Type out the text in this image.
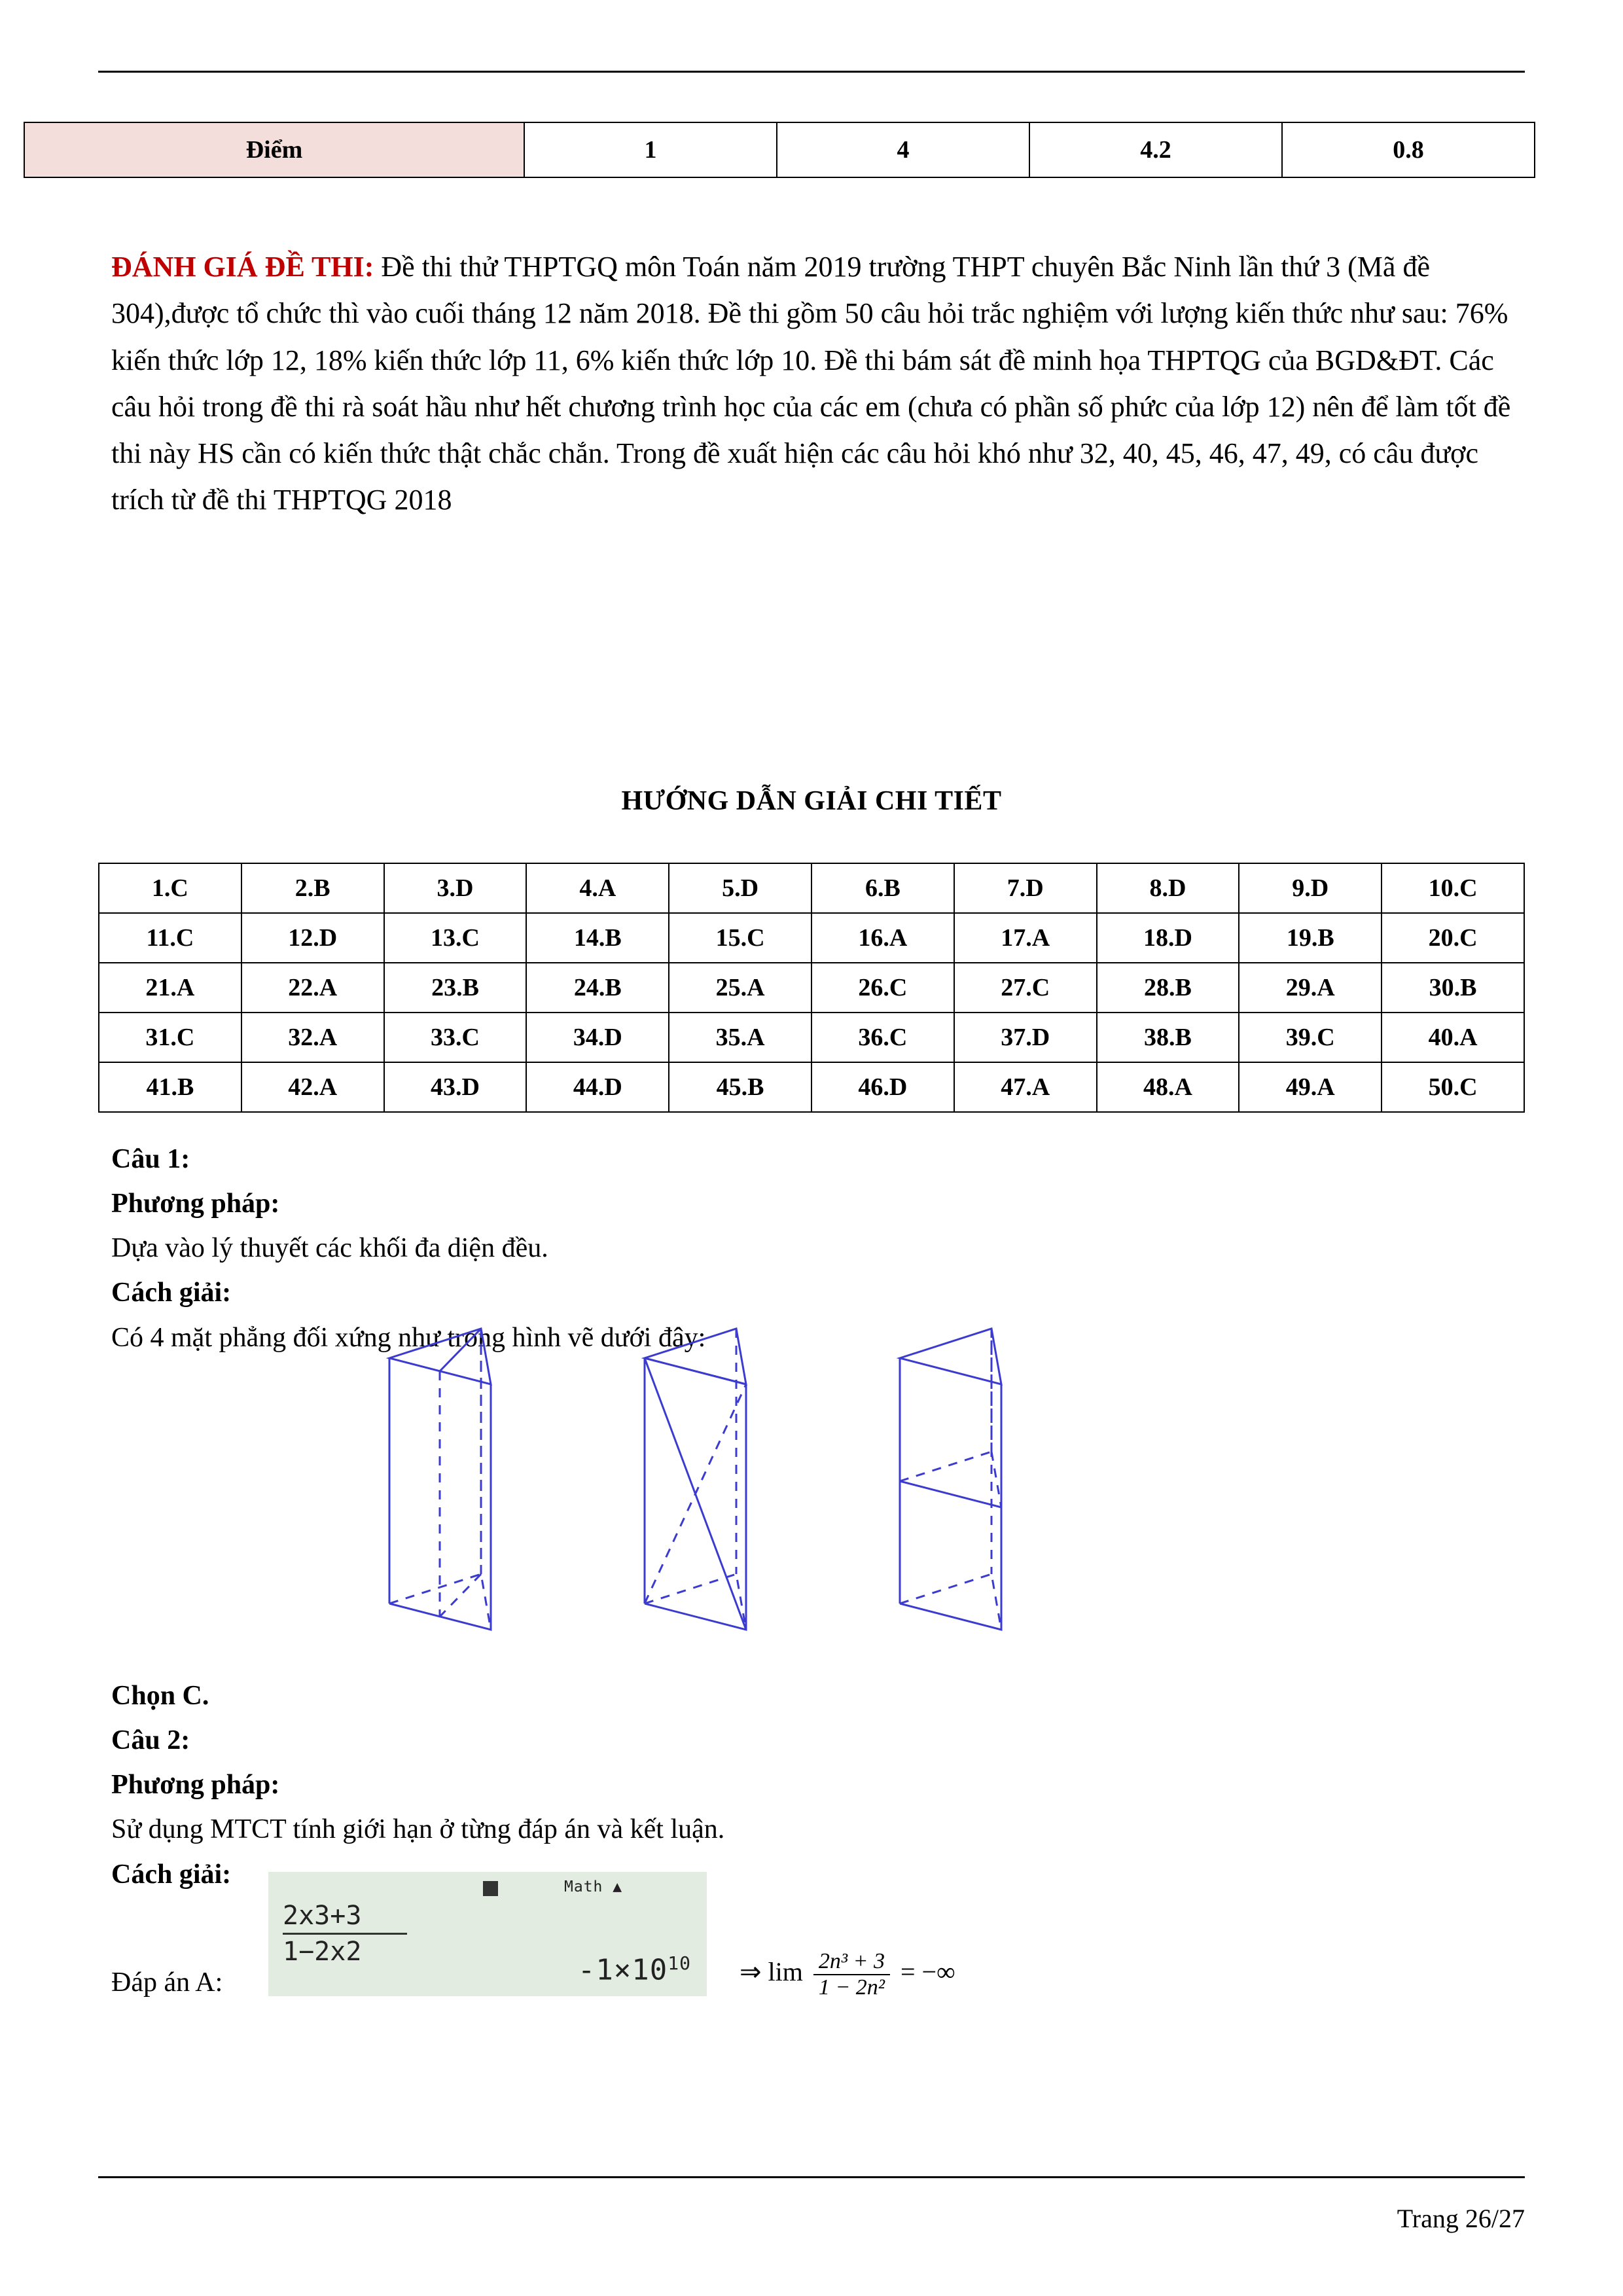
Điểm	1	4	4.2	0.8
ĐÁNH GIÁ ĐỀ THI: Đề thi thử THPTGQ môn Toán năm 2019 trường THPT chuyên Bắc Ninh lần thứ 3 (Mã đề 304),được tổ chức thì vào cuối tháng 12 năm 2018. Đề thi gồm 50 câu hỏi trắc nghiệm với lượng kiến thức như sau: 76% kiến thức lớp 12, 18% kiến thức lớp 11, 6% kiến thức lớp 10. Đề thi bám sát đề minh họa THPTQG của BGD&ĐT. Các câu hỏi trong đề thi rà soát hầu như hết chương trình học của các em (chưa có phần số phức của lớp 12) nên để làm tốt đề thi này HS cần có kiến thức thật chắc chắn. Trong đề xuất hiện các câu hỏi khó như 32, 40, 45, 46, 47, 49, có câu được trích từ đề thi THPTQG 2018
HƯỚNG DẪN GIẢI CHI TIẾT
1.C	2.B	3.D	4.A	5.D	6.B	7.D	8.D	9.D	10.C
11.C	12.D	13.C	14.B	15.C	16.A	17.A	18.D	19.B	20.C
21.A	22.A	23.B	24.B	25.A	26.C	27.C	28.B	29.A	30.B
31.C	32.A	33.C	34.D	35.A	36.C	37.D	38.B	39.C	40.A
41.B	42.A	43.D	44.D	45.B	46.D	47.A	48.A	49.A	50.C

Câu 1:

Phương pháp:

Dựa vào lý thuyết các khối đa diện đều.

Cách giải:

Có 4 mặt phẳng đối xứng như trong hình vẽ dưới đây:

Chọn C.

Câu 2:

Phương pháp:

Sử dụng MTCT tính giới hạn ở từng đáp án và kết luận.

Cách giải:

Đáp án A:
Math ▲
2x3+3
1−2x2
$-1\times 10^{10}$ ⇒ $\lim \frac{\text{2n³ + 3}}{\text{1 − 2n²}}$ = −∞
Trang 26/27
